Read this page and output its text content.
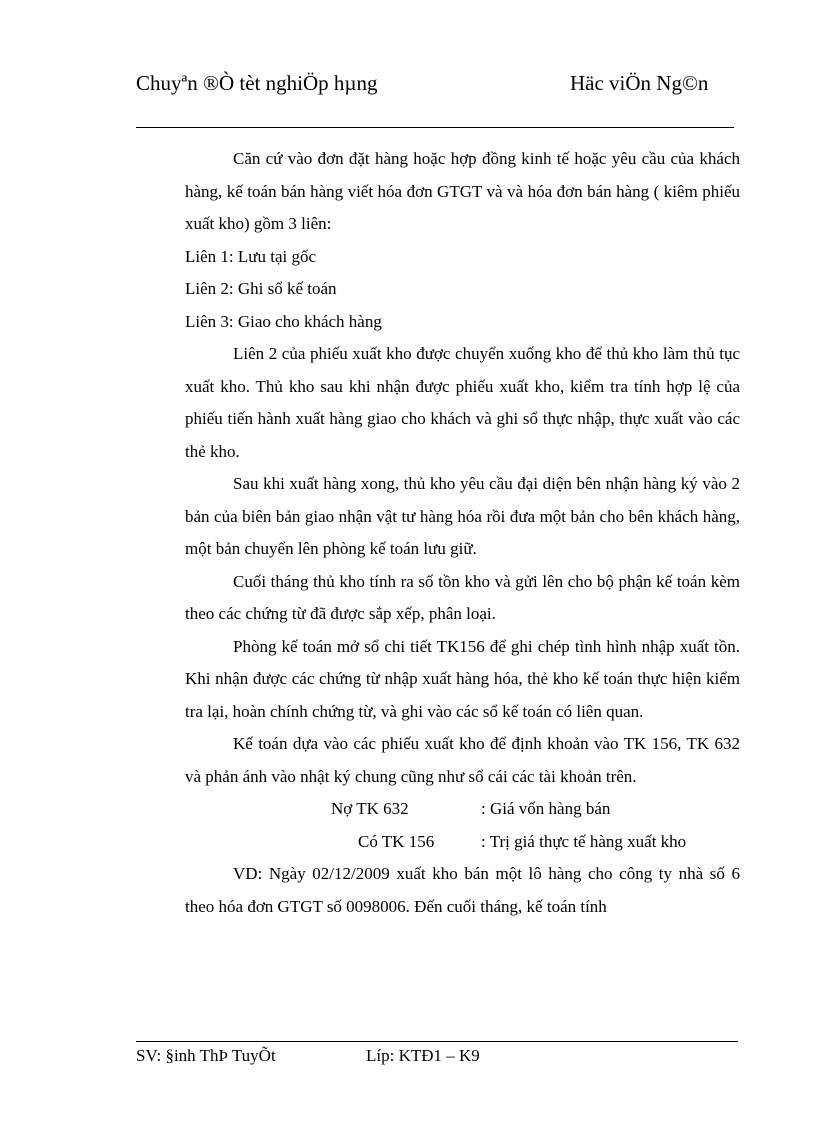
Chuyªn ®Ò tèt nghiÖp hµng	Häc viÖn Ng©n

Căn cứ vào đơn đặt hàng hoặc hợp đồng kinh tế hoặc yêu cầu của khách hàng, kế toán bán hàng viết hóa đơn GTGT và và hóa đơn bán hàng ( kiêm phiếu xuất kho) gồm 3 liên:

Liên 1: Lưu tại gốc

Liên 2: Ghi sổ kế toán

Liên 3: Giao cho khách hàng

Liên 2 của phiếu xuất kho được chuyển xuống kho để thủ kho làm thủ tục xuất kho. Thủ kho sau khi nhận được phiếu xuất kho, kiểm tra tính hợp lệ của phiếu tiến hành xuất hàng giao cho khách và ghi sổ thực nhập, thực xuất vào các thẻ kho.

Sau khi xuất hàng xong, thủ kho yêu cầu đại diện bên nhận hàng ký vào 2 bản của biên bản giao nhận vật tư hàng hóa rồi đưa một bản cho bên khách hàng, một bản chuyển lên phòng kế toán lưu giữ.

Cuối tháng thủ kho tính ra số tồn kho và gửi lên cho bộ phận kế toán kèm theo các chứng từ đã được sắp xếp, phân loại.

Phòng kế toán mở sổ chi tiết TK156 để ghi chép tình hình nhập xuất tồn. Khi nhận được các chứng từ nhập xuất hàng hóa, thẻ kho kế toán thực hiện kiểm tra lại, hoàn chính chứng từ, và ghi vào các sổ kế toán có liên quan.

Kế toán dựa vào các phiếu xuất kho để định khoản vào TK 156, TK 632 và phản ánh vào nhật ký chung cũng như sổ cái các tài khoản trên.

Nợ TK 632	: Giá vốn hàng bán
Có TK 156	: Trị giá thực tế hàng xuất kho

VD: Ngày 02/12/2009 xuất kho bán một lô hàng cho công ty nhà số 6 theo hóa đơn GTGT số 0098006. Đến cuối tháng, kế toán tính

SV: §inh ThÞ TuyÕt	Líp: KTĐ1 – K9
